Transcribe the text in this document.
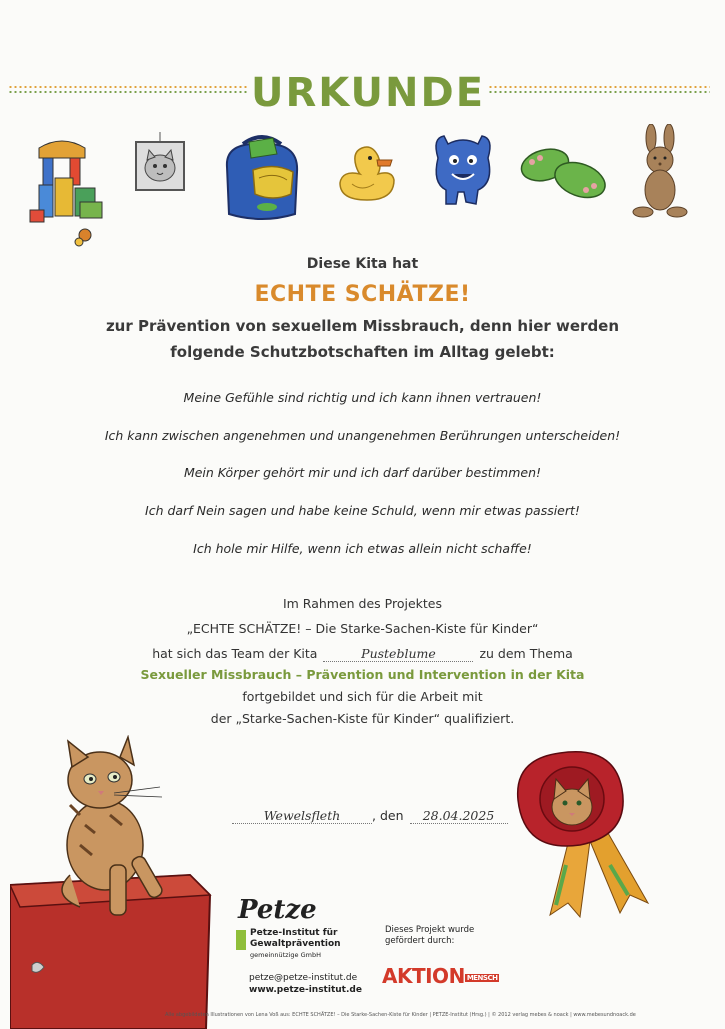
URKUNDE
Diese Kita hat
ECHTE SCHÄTZE!
zur Prävention von sexuellem Missbrauch, denn hier werden
folgende Schutzbotschaften im Alltag gelebt:
Meine Gefühle sind richtig und ich kann ihnen vertrauen!
Ich kann zwischen angenehmen und unangenehmen Berührungen unterscheiden!
Mein Körper gehört mir und ich darf darüber bestimmen!
Ich darf Nein sagen und habe keine Schuld, wenn mir etwas passiert!
Ich hole mir Hilfe, wenn ich etwas allein nicht schaffe!
Im Rahmen des Projektes
„ECHTE SCHÄTZE! – Die Starke-Sachen-Kiste für Kinder“
hat sich das Team der Kita	Pusteblume	zu dem Thema
Sexueller Missbrauch – Prävention und Intervention in der Kita
fortgebildet und sich für die Arbeit mit
der „Starke-Sachen-Kiste für Kinder“ qualifiziert.
Wewelsfleth	, den 28.04.2025
Petze
Petze-Institut für
Gewaltprävention
gemeinnützige GmbH
petze@petze-institut.de
www.petze-institut.de
Dieses Projekt wurde
gefördert durch:
AKTION MENSCH
Alle abgebildeten Illustrationen von Lena Voß aus: ECHTE SCHÄTZE! – Die Starke-Sachen-Kiste für Kinder | PETZE-Institut (Hrsg.) | © 2012 verlag mebes & noack | www.mebesundnoack.de
